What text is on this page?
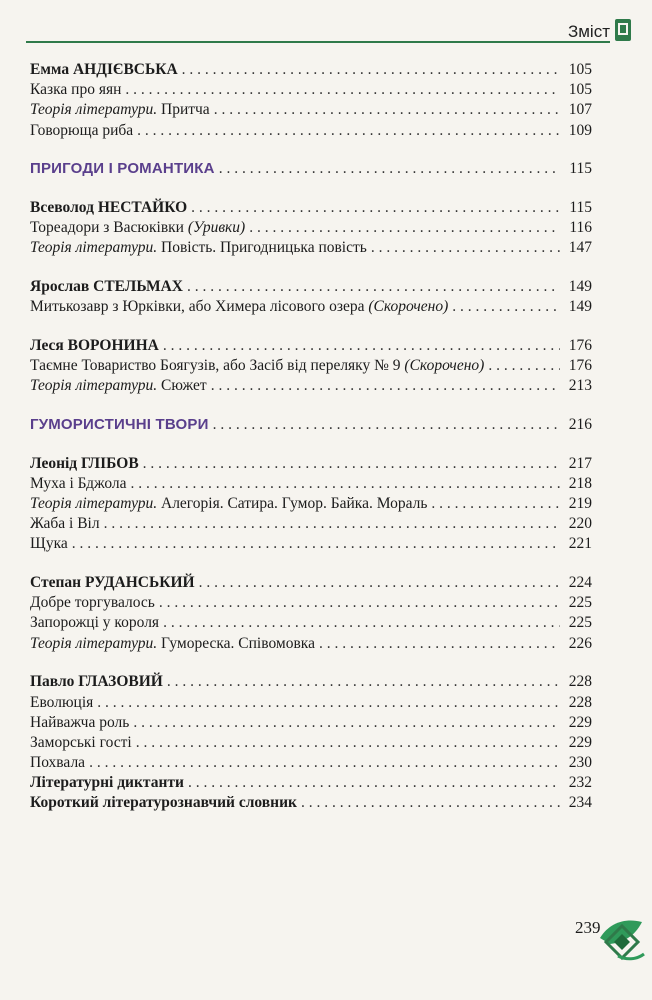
Зміст
Емма АНДІЄВСЬКА . . .	105
Казка про яян . . .	105
Теорія літератури. Притча . . .	107
Говорюща риба . . .	109
ПРИГОДИ І РОМАНТИКА . . .	115
Всеволод НЕСТАЙКО . . .	115
Тореадори з Васюківки (Уривки) . . .	116
Теорія літератури. Повість. Пригодницька повість . . .	147
Ярослав СТЕЛЬМАХ . . .	149
Митькозавр з Юрківки, або Химера лісового озера (Скорочено) . . .	149
Леся ВОРОНИНА . . .	176
Таємне Товариство Боягузів, або Засіб від переляку № 9 (Скорочено) . . .	176
Теорія літератури. Сюжет . . .	213
ГУМОРИСТИЧНІ ТВОРИ . . .	216
Леонід ГЛІБОВ . . .	217
Муха і Бджола . . .	218
Теорія літератури. Алегорія. Сатира. Гумор. Байка. Мораль . . .	219
Жаба і Віл . . .	220
Щука . . .	221
Степан РУДАНСЬКИЙ . . .	224
Добре торгувалось . . .	225
Запорожці у короля . . .	225
Теорія літератури. Гумореска. Співомовка . . .	226
Павло ГЛАЗОВИЙ . . .	228
Еволюція . . .	228
Найважча роль . . .	229
Заморські гості . . .	229
Похвала . . .	230
Літературні диктанти . . .	232
Короткий літературознавчий словник . . .	234
239
